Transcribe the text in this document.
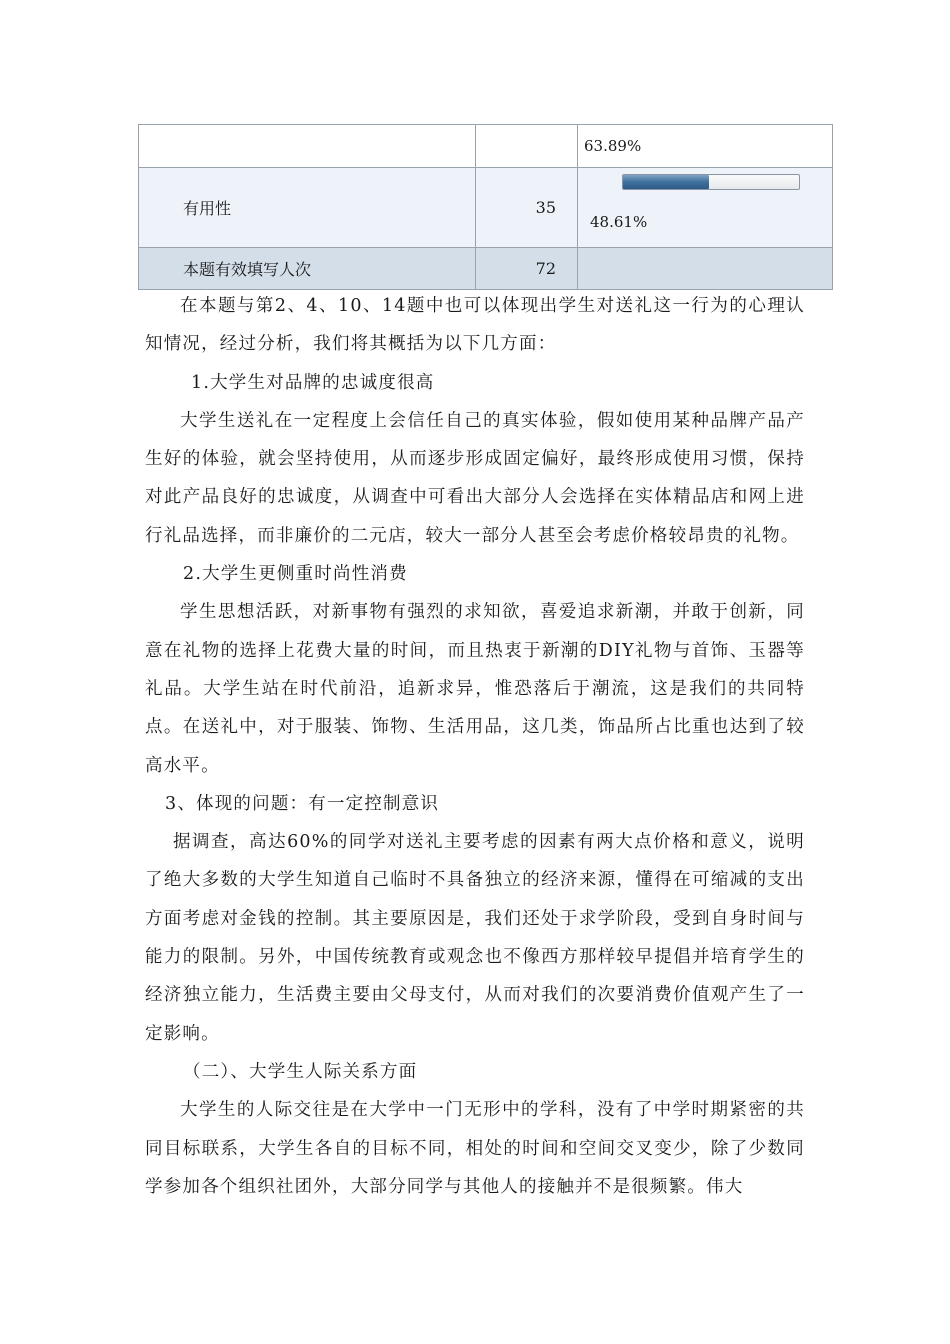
		63.89%
有用性	35	48.61%

本题有效填写人次	72	

在本题与第2、4、10、14题中也可以体现出学生对送礼这一行为的心理认知情况，经过分析，我们将其概括为以下几方面：

1.大学生对品牌的忠诚度很高

大学生送礼在一定程度上会信任自己的真实体验，假如使用某种品牌产品产生好的体验，就会坚持使用，从而逐步形成固定偏好，最终形成使用习惯，保持对此产品良好的忠诚度，从调查中可看出大部分人会选择在实体精品店和网上进行礼品选择，而非廉价的二元店，较大一部分人甚至会考虑价格较昂贵的礼物。

2.大学生更侧重时尚性消费

学生思想活跃，对新事物有强烈的求知欲，喜爱追求新潮，并敢于创新，同意在礼物的选择上花费大量的时间，而且热衷于新潮的DIY礼物与首饰、玉器等礼品。大学生站在时代前沿，追新求异，惟恐落后于潮流，这是我们的共同特点。在送礼中，对于服装、饰物、生活用品，这几类，饰品所占比重也达到了较高水平。

3、体现的问题：有一定控制意识

据调查，高达60%的同学对送礼主要考虑的因素有两大点价格和意义，说明了绝大多数的大学生知道自己临时不具备独立的经济来源，懂得在可缩减的支出方面考虑对金钱的控制。其主要原因是，我们还处于求学阶段，受到自身时间与能力的限制。另外，中国传统教育或观念也不像西方那样较早提倡并培育学生的经济独立能力，生活费主要由父母支付，从而对我们的次要消费价值观产生了一定影响。

（二）、大学生人际关系方面

大学生的人际交往是在大学中一门无形中的学科，没有了中学时期紧密的共同目标联系，大学生各自的目标不同，相处的时间和空间交叉变少，除了少数同学参加各个组织社团外，大部分同学与其他人的接触并不是很频繁。伟大
